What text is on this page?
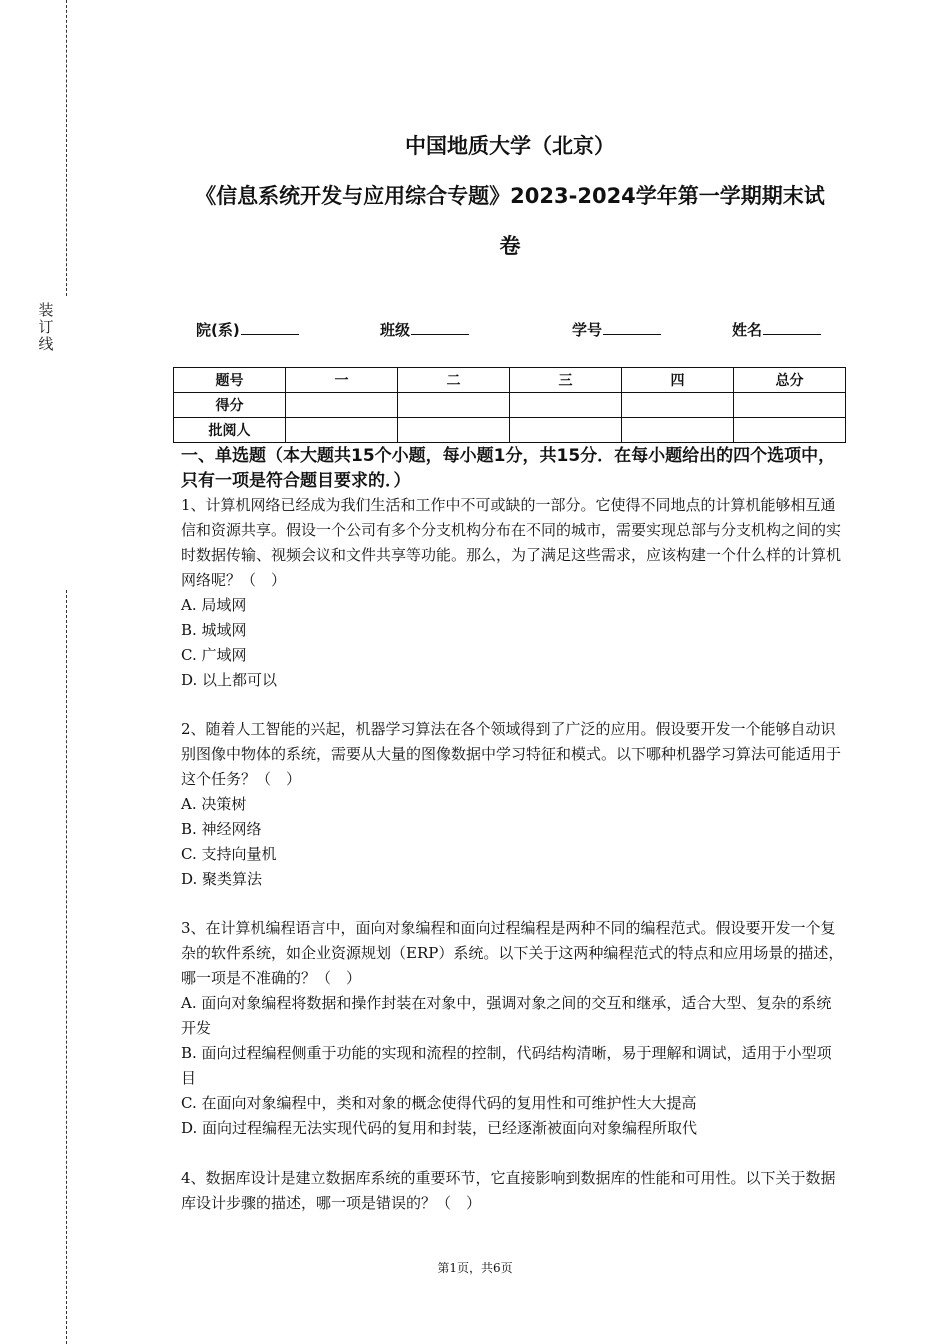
装
订
线
中国地质大学（北京）
《信息系统开发与应用综合专题》2023-2024学年第一学期期末试
卷
院(系)	班级	学号	姓名
题号	一	二	三	四	总分
得分					
批阅人					
一、单选题（本大题共15个小题，每小题1分，共15分．在每小题给出的四个选项中，只有一项是符合题目要求的．）

1、计算机网络已经成为我们生活和工作中不可或缺的一部分。它使得不同地点的计算机能够相互通信和资源共享。假设一个公司有多个分支机构分布在不同的城市，需要实现总部与分支机构之间的实时数据传输、视频会议和文件共享等功能。那么，为了满足这些需求，应该构建一个什么样的计算机网络呢？（　）

A. 局域网

B. 城域网

C. 广域网

D. 以上都可以

2、随着人工智能的兴起，机器学习算法在各个领域得到了广泛的应用。假设要开发一个能够自动识别图像中物体的系统，需要从大量的图像数据中学习特征和模式。以下哪种机器学习算法可能适用于这个任务？（　）

A. 决策树

B. 神经网络

C. 支持向量机

D. 聚类算法

3、在计算机编程语言中，面向对象编程和面向过程编程是两种不同的编程范式。假设要开发一个复杂的软件系统，如企业资源规划（ERP）系统。以下关于这两种编程范式的特点和应用场景的描述，哪一项是不准确的？（　）

A. 面向对象编程将数据和操作封装在对象中，强调对象之间的交互和继承，适合大型、复杂的系统开发

B. 面向过程编程侧重于功能的实现和流程的控制，代码结构清晰，易于理解和调试，适用于小型项目

C. 在面向对象编程中，类和对象的概念使得代码的复用性和可维护性大大提高

D. 面向过程编程无法实现代码的复用和封装，已经逐渐被面向对象编程所取代

4、数据库设计是建立数据库系统的重要环节，它直接影响到数据库的性能和可用性。以下关于数据库设计步骤的描述，哪一项是错误的？（　）

第1页，共6页
